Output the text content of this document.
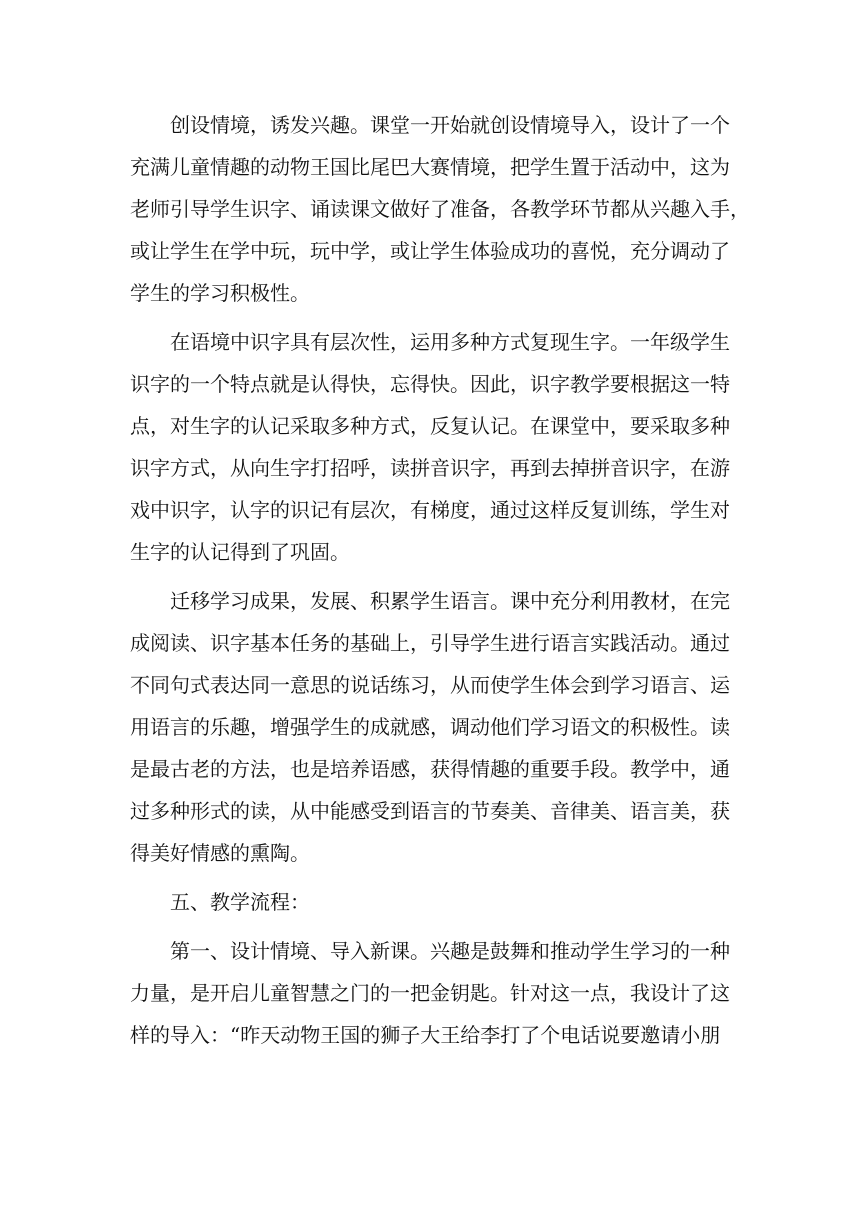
创设情境，诱发兴趣。课堂一开始就创设情境导入，设计了一个
充满儿童情趣的动物王国比尾巴大赛情境，把学生置于活动中，这为
老师引导学生识字、诵读课文做好了准备，各教学环节都从兴趣入手，
或让学生在学中玩，玩中学，或让学生体验成功的喜悦，充分调动了
学生的学习积极性。

在语境中识字具有层次性，运用多种方式复现生字。一年级学生
识字的一个特点就是认得快，忘得快。因此，识字教学要根据这一特
点，对生字的认记采取多种方式，反复认记。在课堂中，要采取多种
识字方式，从向生字打招呼，读拼音识字，再到去掉拼音识字，在游
戏中识字，认字的识记有层次，有梯度，通过这样反复训练，学生对
生字的认记得到了巩固。

迁移学习成果，发展、积累学生语言。课中充分利用教材，在完
成阅读、识字基本任务的基础上，引导学生进行语言实践活动。通过
不同句式表达同一意思的说话练习，从而使学生体会到学习语言、运
用语言的乐趣，增强学生的成就感，调动他们学习语文的积极性。读
是最古老的方法，也是培养语感，获得情趣的重要手段。教学中，通
过多种形式的读，从中能感受到语言的节奏美、音律美、语言美，获
得美好情感的熏陶。

五、教学流程：

第一、设计情境、导入新课。兴趣是鼓舞和推动学生学习的一种
力量，是开启儿童智慧之门的一把金钥匙。针对这一点，我设计了这
样的导入：“昨天动物王国的狮子大王给李打了个电话说要邀请小朋
